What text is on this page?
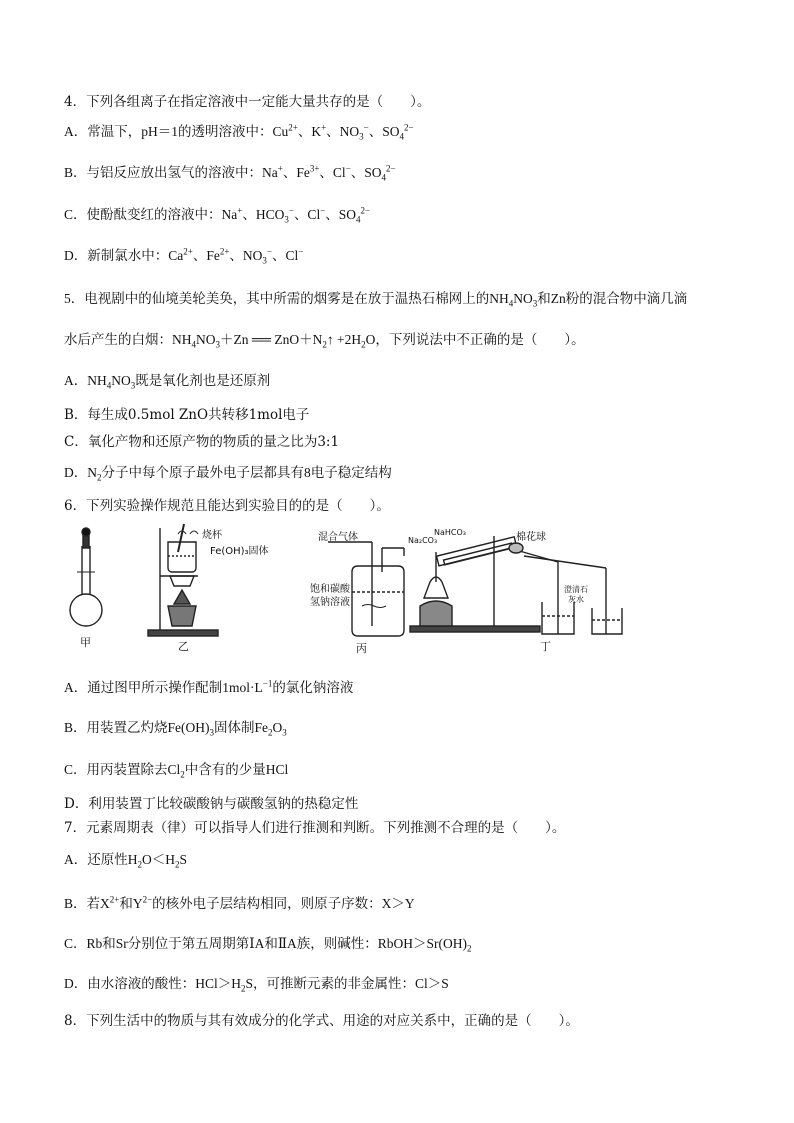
4．下列各组离子在指定溶液中一定能大量共存的是（　　）。
A．常温下，pH＝1的透明溶液中：$Cu^{2+}$、K+、$NO_3^-$、$SO_4^{2-}$
B．与铝反应放出氢气的溶液中：Na+、$Fe^{3+}$、Cl−、$SO_4^{2-}$
C．使酚酞变红的溶液中：Na+、$HCO_3^-$、Cl−、$SO_4^{2-}$
D．新制氯水中：$Ca^{2+}$、$Fe^{2+}$、$NO_3^-$、Cl−
5．电视剧中的仙境美轮美奂，其中所需的烟雾是在放于温热石棉网上的$NH_4NO_3$和Zn粉的混合物中滴几滴
水后产生的白烟：$NH_4NO_3+Zn$ ══ $ZnO+N_2↑ +2H_2O$，下列说法中不正确的是（　　）。
A．$NH_4NO_3$既是氧化剂也是还原剂
B．每生成0.5mol ZnO共转移1mol电子
C．氧化产物和还原产物的物质的量之比为3:1
D．$N_2$分子中每个原子最外电子层都具有8电子稳定结构
6．下列实验操作规范且能达到实验目的的是（　　）。
甲	乙	丙	丁
烧杯
Fe(OH)₃固体
混合气体
饱和碳酸
氢钠溶液
Na₂CO₃
NaHCO₃	棉花球
澄清石
灰水
A．通过图甲所示操作配制$1mol\cdot L^{-1}$的氯化钠溶液
B．用装置乙灼烧$Fe(OH)_3$固体制$Fe_2O_3$
C．用丙装置除去$Cl_2$中含有的少量HCl
D．利用装置丁比较碳酸钠与碳酸氢钠的热稳定性
7．元素周期表（律）可以指导人们进行推测和判断。下列推测不合理的是（　　）。
A．还原性$H_2O<H_2S$
B．若$X^{2+}$和$Y^{2-}$的核外电子层结构相同，则原子序数：X＞Y
C．Rb和Sr分别位于第五周期第ⅠA和ⅡA族，则碱性：$RbOH>Sr(OH)_2$
D．由水溶液的酸性：$HCl>H_2S$，可推断元素的非金属性：Cl＞S
8．下列生活中的物质与其有效成分的化学式、用途的对应关系中，正确的是（　　）。
